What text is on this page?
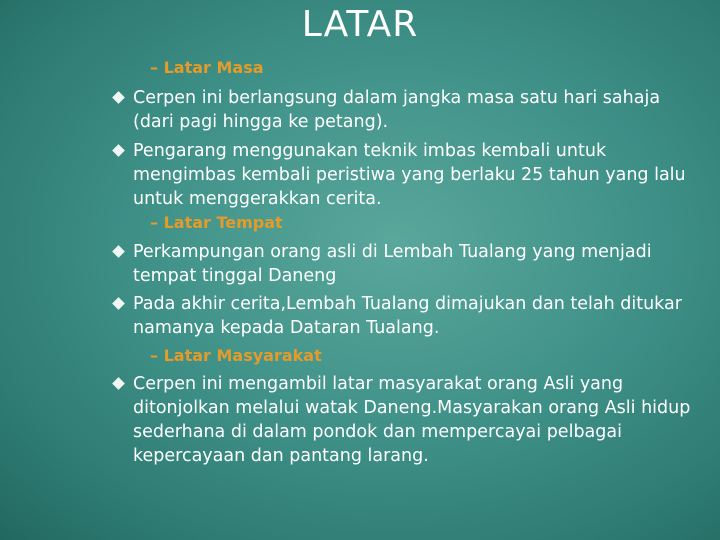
LATAR
– Latar Masa
Cerpen ini berlangsung dalam jangka masa satu hari sahaja (dari pagi hingga ke petang).
Pengarang menggunakan teknik imbas kembali untuk mengimbas kembali peristiwa yang berlaku 25 tahun yang lalu untuk menggerakkan cerita.
– Latar Tempat
Perkampungan orang asli di Lembah Tualang yang menjadi tempat tinggal Daneng
Pada akhir cerita,Lembah Tualang dimajukan dan telah ditukar namanya kepada Dataran Tualang.
– Latar Masyarakat
Cerpen ini mengambil latar masyarakat orang Asli yang ditonjolkan melalui watak Daneng.Masyarakan orang Asli hidup sederhana di dalam pondok dan mempercayai pelbagai kepercayaan dan pantang larang.
